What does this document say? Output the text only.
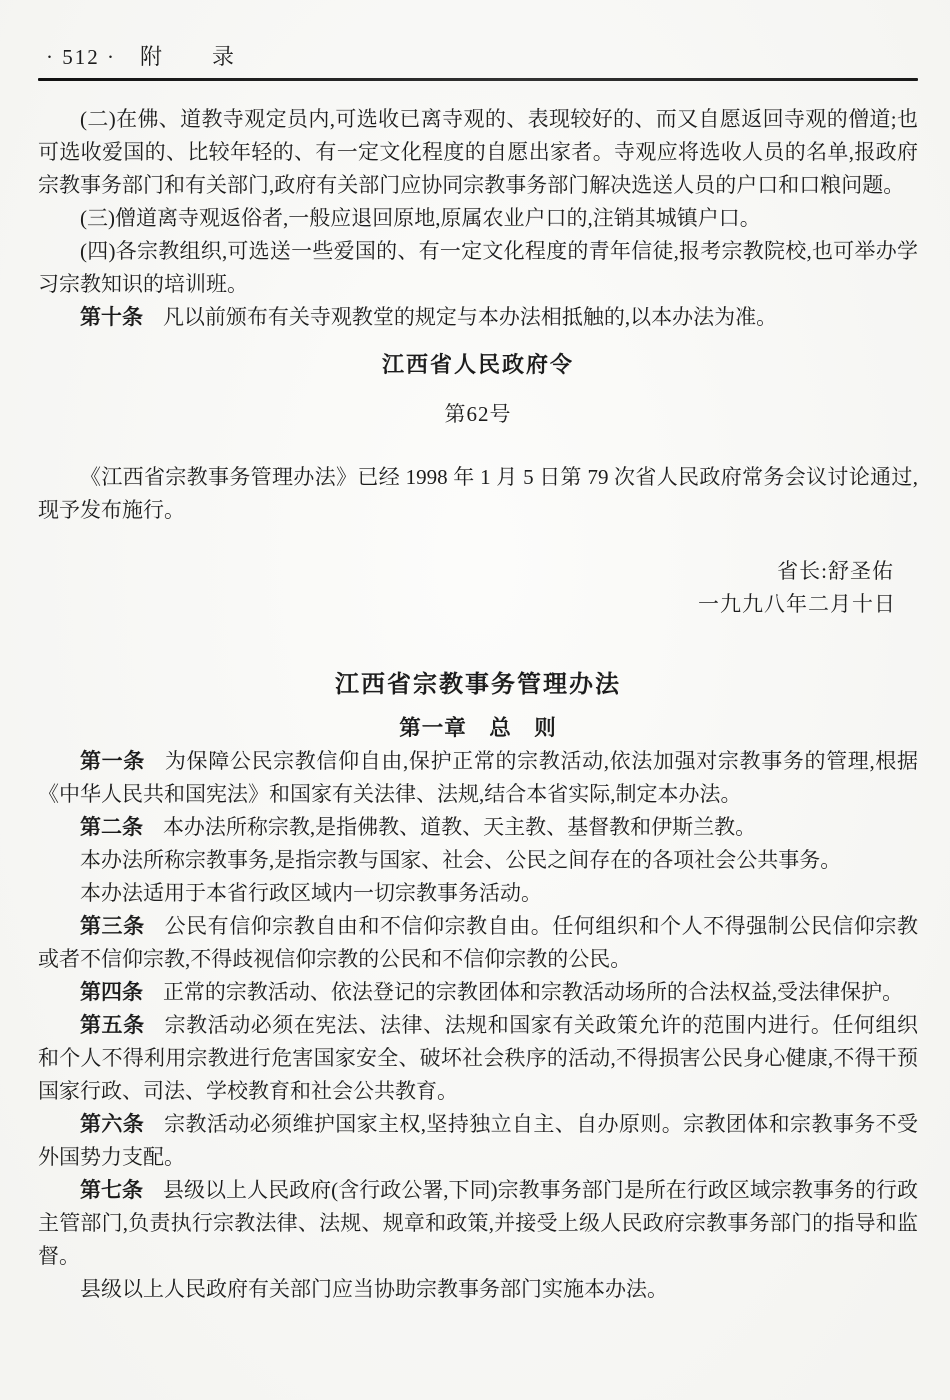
· 512 · 附　录

(二)在佛、道教寺观定员内,可选收已离寺观的、表现较好的、而又自愿返回寺观的僧道;也可选收爱国的、比较年轻的、有一定文化程度的自愿出家者。寺观应将选收人员的名单,报政府宗教事务部门和有关部门,政府有关部门应协同宗教事务部门解决选送人员的户口和口粮问题。

(三)僧道离寺观返俗者,一般应退回原地,原属农业户口的,注销其城镇户口。

(四)各宗教组织,可选送一些爱国的、有一定文化程度的青年信徒,报考宗教院校,也可举办学习宗教知识的培训班。

第十条 凡以前颁布有关寺观教堂的规定与本办法相抵触的,以本办法为准。

江西省人民政府令

第62号

《江西省宗教事务管理办法》已经 1998 年 1 月 5 日第 79 次省人民政府常务会议讨论通过,现予发布施行。

省长:舒圣佑

一九九八年二月十日

江西省宗教事务管理办法

第一章　总　则

第一条 为保障公民宗教信仰自由,保护正常的宗教活动,依法加强对宗教事务的管理,根据《中华人民共和国宪法》和国家有关法律、法规,结合本省实际,制定本办法。

第二条 本办法所称宗教,是指佛教、道教、天主教、基督教和伊斯兰教。

本办法所称宗教事务,是指宗教与国家、社会、公民之间存在的各项社会公共事务。

本办法适用于本省行政区域内一切宗教事务活动。

第三条 公民有信仰宗教自由和不信仰宗教自由。任何组织和个人不得强制公民信仰宗教或者不信仰宗教,不得歧视信仰宗教的公民和不信仰宗教的公民。

第四条 正常的宗教活动、依法登记的宗教团体和宗教活动场所的合法权益,受法律保护。

第五条 宗教活动必须在宪法、法律、法规和国家有关政策允许的范围内进行。任何组织和个人不得利用宗教进行危害国家安全、破坏社会秩序的活动,不得损害公民身心健康,不得干预国家行政、司法、学校教育和社会公共教育。

第六条 宗教活动必须维护国家主权,坚持独立自主、自办原则。宗教团体和宗教事务不受外国势力支配。

第七条 县级以上人民政府(含行政公署,下同)宗教事务部门是所在行政区域宗教事务的行政主管部门,负责执行宗教法律、法规、规章和政策,并接受上级人民政府宗教事务部门的指导和监督。

县级以上人民政府有关部门应当协助宗教事务部门实施本办法。
